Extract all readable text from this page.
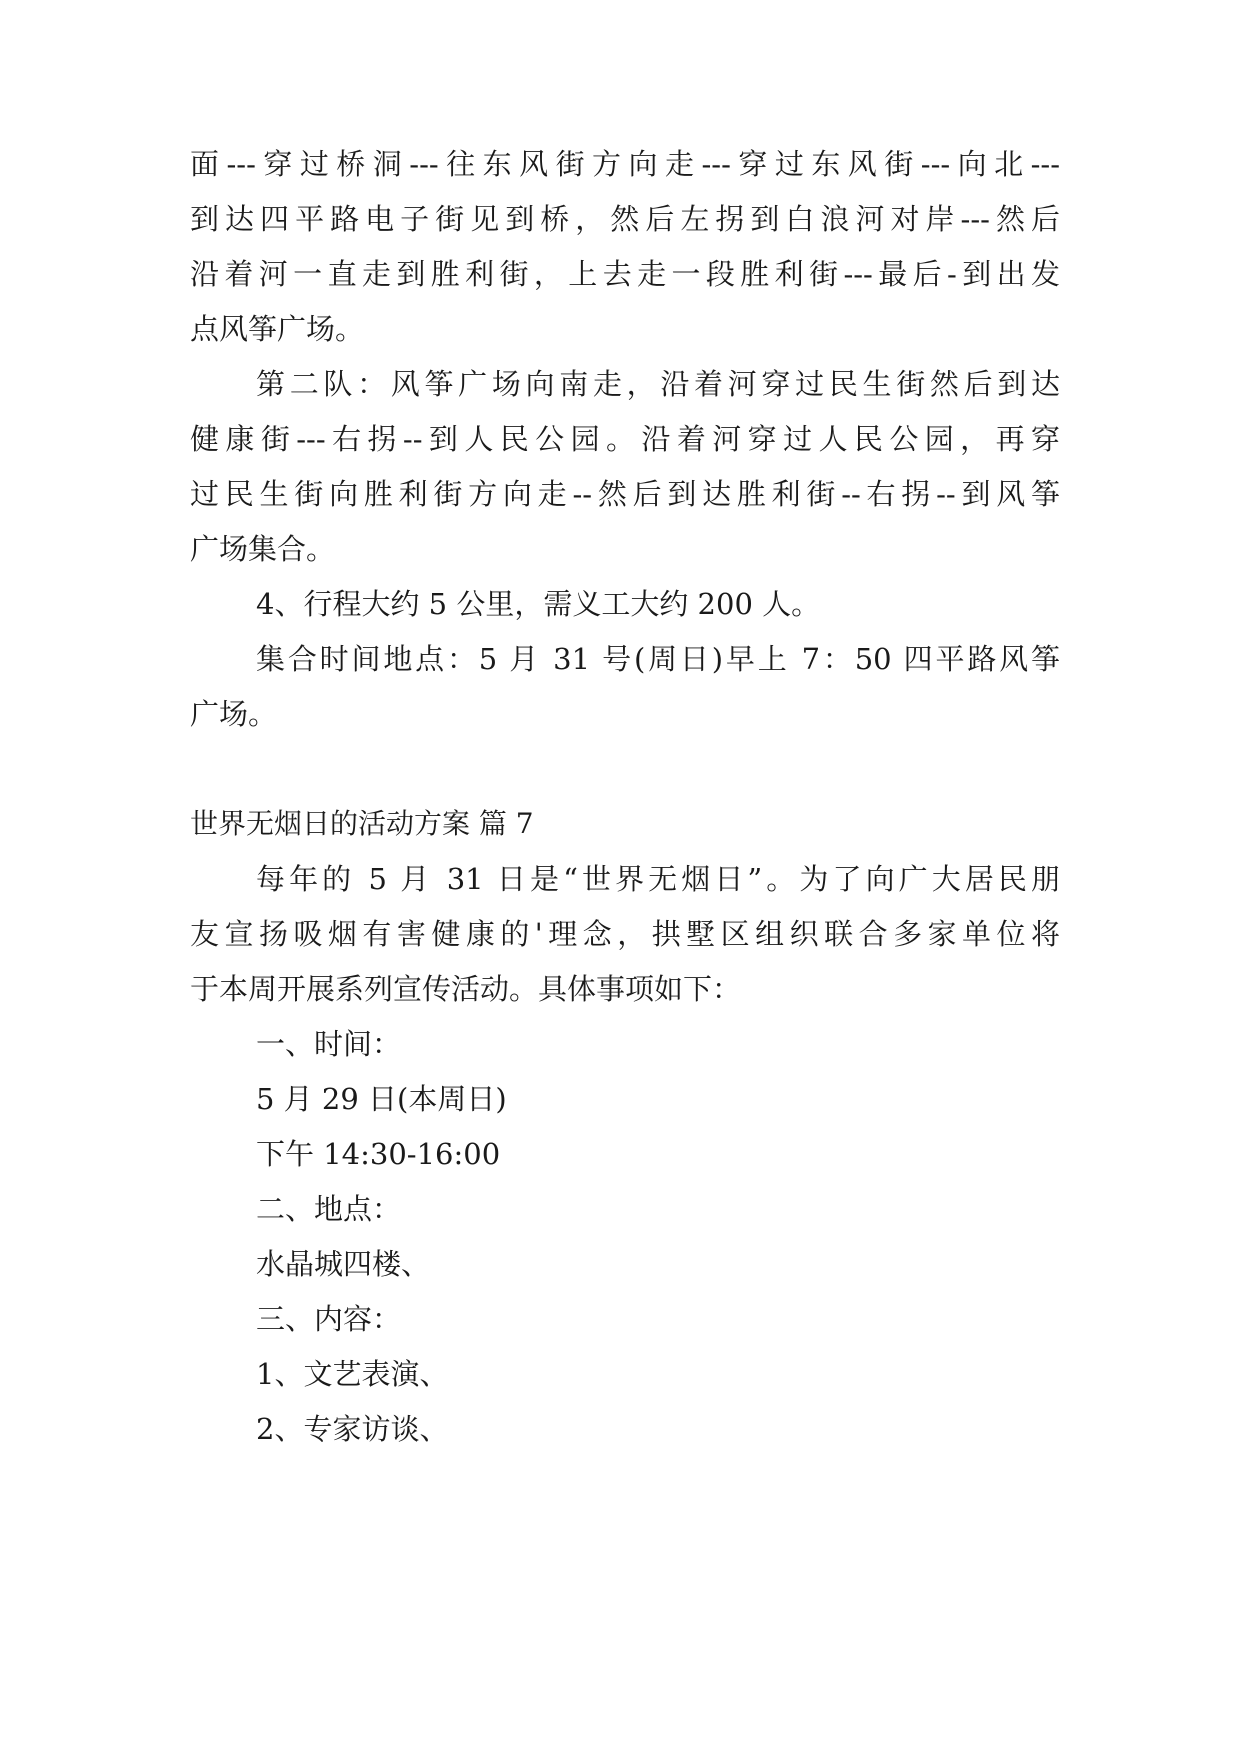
面---穿过桥洞---往东风街方向走---穿过东风街---向北---
到达四平路电子街见到桥，然后左拐到白浪河对岸---然后
沿着河一直走到胜利街，上去走一段胜利街---最后-到出发
点风筝广场。
第二队：风筝广场向南走，沿着河穿过民生街然后到达
健康街---右拐--到人民公园。沿着河穿过人民公园，再穿
过民生街向胜利街方向走--然后到达胜利街--右拐--到风筝
广场集合。
4、行程大约 5 公里，需义工大约 200 人。
集合时间地点：5 月 31 号(周日)早上 7：50 四平路风筝
广场。
世界无烟日的活动方案 篇 7
每年的 5 月 31 日是“世界无烟日”。为了向广大居民朋
友宣扬吸烟有害健康的'理念，拱墅区组织联合多家单位将
于本周开展系列宣传活动。具体事项如下：
一、时间：
5 月 29 日(本周日)
下午 14:30-16:00
二、地点：
水晶城四楼、
三、内容：
1、文艺表演、
2、专家访谈、
